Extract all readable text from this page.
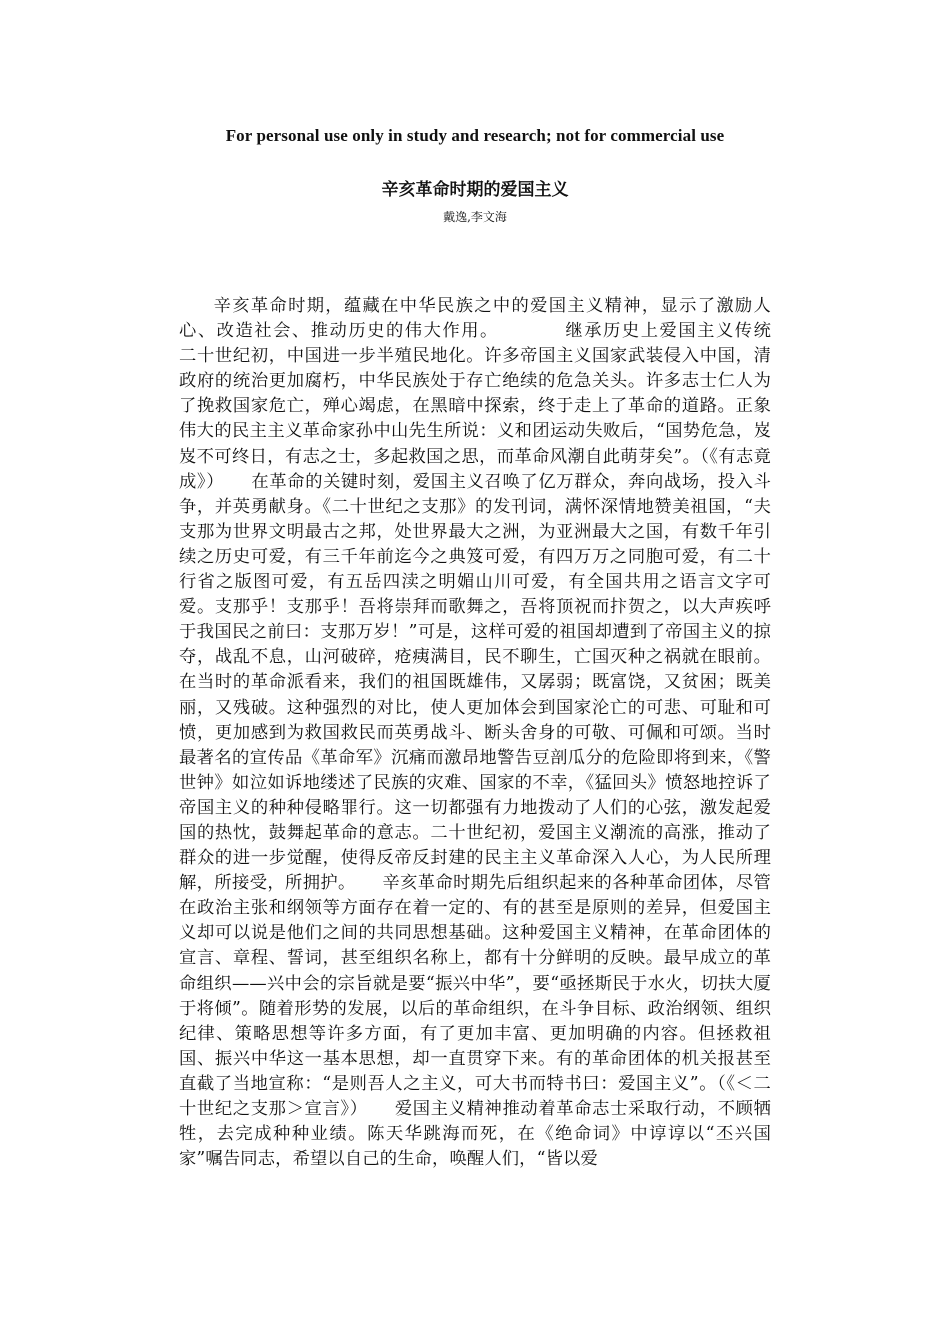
For personal use only in study and research; not for commercial use
辛亥革命时期的爱国主义
戴逸,李文海

辛亥革命时期，蕴藏在中华民族之中的爱国主义精神，显示了激励人心、改造社会、推动历史的伟大作用。　　　　继承历史上爱国主义传统　　二十世纪初，中国进一步半殖民地化。许多帝国主义国家武装侵入中国，清政府的统治更加腐朽，中华民族处于存亡绝续的危急关头。许多志士仁人为了挽救国家危亡，殚心竭虑，在黑暗中探索，终于走上了革命的道路。正象伟大的民主主义革命家孙中山先生所说：义和团运动失败后，“国势危急，岌岌不可终日，有志之士，多起救国之思，而革命风潮自此萌芽矣”。（《有志竟成》）　　在革命的关键时刻，爱国主义召唤了亿万群众，奔向战场，投入斗争，并英勇献身。《二十世纪之支那》的发刊词，满怀深情地赞美祖国，“夫支那为世界文明最古之邦，处世界最大之洲，为亚洲最大之国，有数千年引续之历史可爱，有三千年前迄今之典笈可爱，有四万万之同胞可爱，有二十行省之版图可爱，有五岳四渎之明媚山川可爱，有全国共用之语言文字可爱。支那乎！支那乎！吾将崇拜而歌舞之，吾将顶祝而抃贺之，以大声疾呼于我国民之前曰：支那万岁！”可是，这样可爱的祖国却遭到了帝国主义的掠夺，战乱不息，山河破碎，疮痍满目，民不聊生，亡国灭种之祸就在眼前。在当时的革命派看来，我们的祖国既雄伟，又孱弱；既富饶，又贫困；既美丽，又残破。这种强烈的对比，使人更加体会到国家沦亡的可悲、可耻和可愤，更加感到为救国救民而英勇战斗、断头舍身的可敬、可佩和可颂。当时最著名的宣传品《革命军》沉痛而激昂地警告豆剖瓜分的危险即将到来，《警世钟》如泣如诉地缕述了民族的灾难、国家的不幸，《猛回头》愤怒地控诉了帝国主义的种种侵略罪行。这一切都强有力地拨动了人们的心弦，激发起爱国的热忱，鼓舞起革命的意志。二十世纪初，爱国主义潮流的高涨，推动了群众的进一步觉醒，使得反帝反封建的民主主义革命深入人心，为人民所理解，所接受，所拥护。　　辛亥革命时期先后组织起来的各种革命团体，尽管在政治主张和纲领等方面存在着一定的、有的甚至是原则的差异，但爱国主义却可以说是他们之间的共同思想基础。这种爱国主义精神，在革命团体的宣言、章程、誓词，甚至组织名称上，都有十分鲜明的反映。最早成立的革命组织——兴中会的宗旨就是要“振兴中华”，要“亟拯斯民于水火，切扶大厦于将倾”。随着形势的发展，以后的革命组织，在斗争目标、政治纲领、组织纪律、策略思想等许多方面，有了更加丰富、更加明确的内容。但拯救祖国、振兴中华这一基本思想，却一直贯穿下来。有的革命团体的机关报甚至直截了当地宣称：“是则吾人之主义，可大书而特书曰：爱国主义”。（《＜二十世纪之支那＞宣言》）　　爱国主义精神推动着革命志士采取行动，不顾牺牲，去完成种种业绩。陈天华跳海而死，在《绝命词》中谆谆以“丕兴国家”嘱告同志，希望以自己的生命，唤醒人们，“皆以爱
